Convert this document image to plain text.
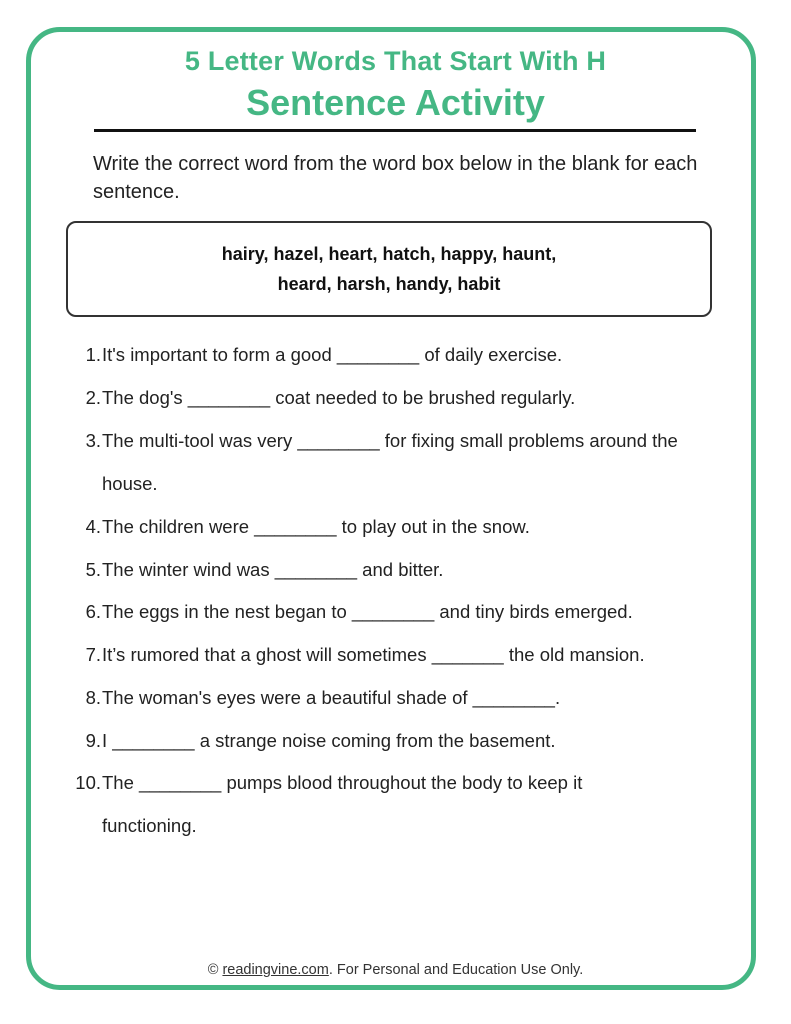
5 Letter Words That Start With H
Sentence Activity
Write the correct word from the word box below in the blank for each sentence.
hairy, hazel, heart, hatch, happy, haunt,
heard, harsh, handy, habit
1. It's important to form a good ________ of daily exercise.
2. The dog's ________ coat needed to be brushed regularly.
3. The multi-tool was very ________ for fixing small problems around the
house.
4. The children were ________ to play out in the snow.
5. The winter wind was ________ and bitter.
6. The eggs in the nest began to ________ and tiny birds emerged.
7. It’s rumored that a ghost will sometimes _______ the old mansion.
8. The woman's eyes were a beautiful shade of ________.
9. I ________ a strange noise coming from the basement.
10. The ________ pumps blood throughout the body to keep it
functioning.
© readingvine.com. For Personal and Education Use Only.
